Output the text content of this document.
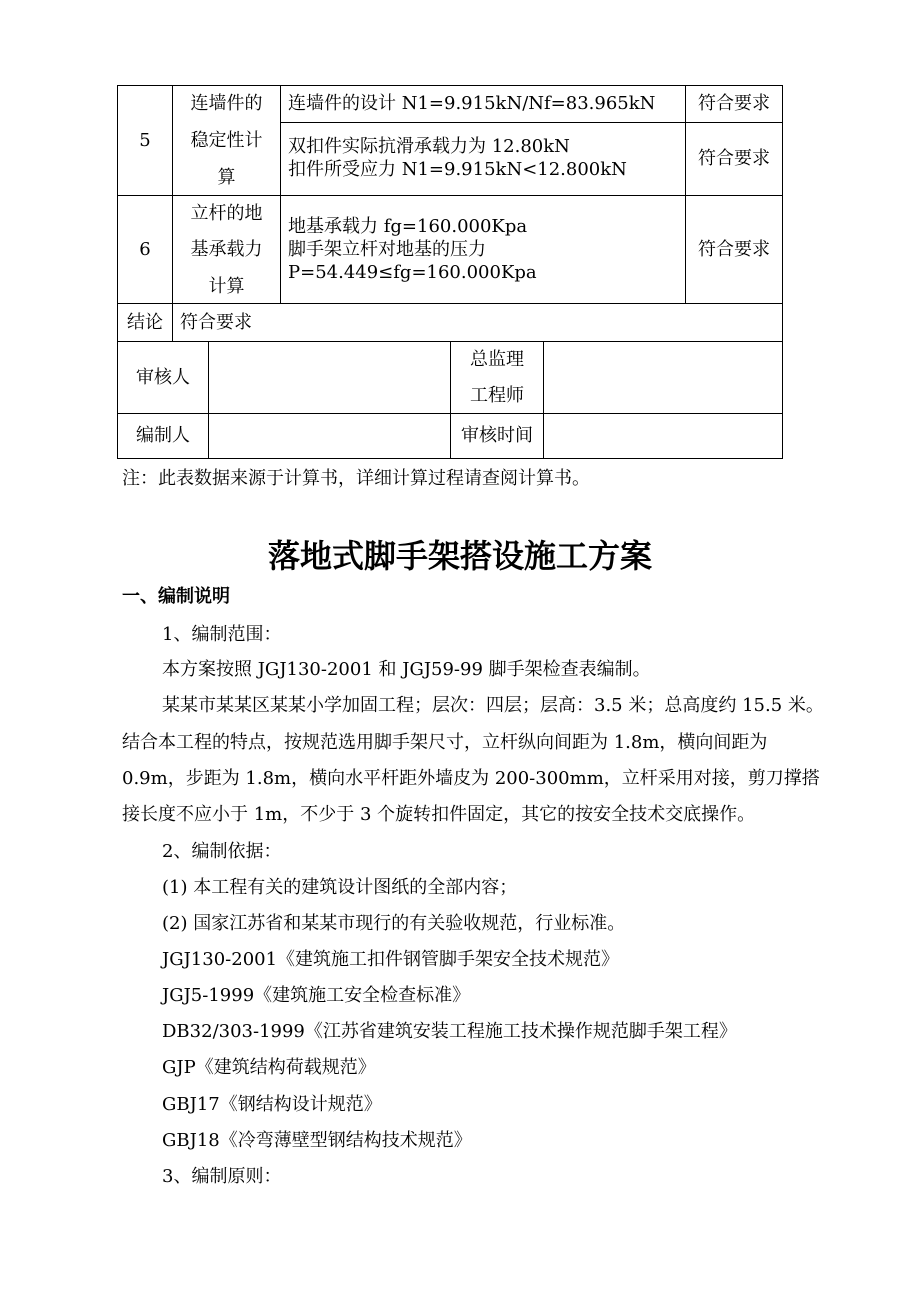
5
连墙件的
稳定性计
算
连墙件的设计 N1=9.915kN/Nf=83.965kN	符合要求
双扣件实际抗滑承载力为 12.80kN
扣件所受应力 N1=9.915kN<12.800kN
符合要求
6
立杆的地
基承载力
计算
地基承载力 fg=160.000Kpa
脚手架立杆对地基的压力
P=54.449≤fg=160.000Kpa
符合要求
结论 符合要求
审核人
总监理
工程师
编制人	审核时间
注：此表数据来源于计算书，详细计算过程请查阅计算书。
落地式脚手架搭设施工方案
一、编制说明
1、编制范围：
本方案按照 JGJ130-2001 和 JGJ59-99 脚手架检查表编制。
某某市某某区某某小学加固工程；层次：四层；层高：3.5 米；总高度约 15.5 米。
结合本工程的特点，按规范选用脚手架尺寸，立杆纵向间距为 1.8m，横向间距为
0.9m，步距为 1.8m，横向水平杆距外墙皮为 200-300mm，立杆采用对接，剪刀撑搭
接长度不应小于 1m，不少于 3 个旋转扣件固定，其它的按安全技术交底操作。
2、编制依据：
(1) 本工程有关的建筑设计图纸的全部内容；
(2) 国家江苏省和某某市现行的有关验收规范，行业标准。
JGJ130-2001《建筑施工扣件钢管脚手架安全技术规范》
JGJ5-1999《建筑施工安全检查标准》
DB32/303-1999《江苏省建筑安装工程施工技术操作规范脚手架工程》
GJP《建筑结构荷载规范》
GBJ17《钢结构设计规范》
GBJ18《冷弯薄壁型钢结构技术规范》
3、编制原则：
